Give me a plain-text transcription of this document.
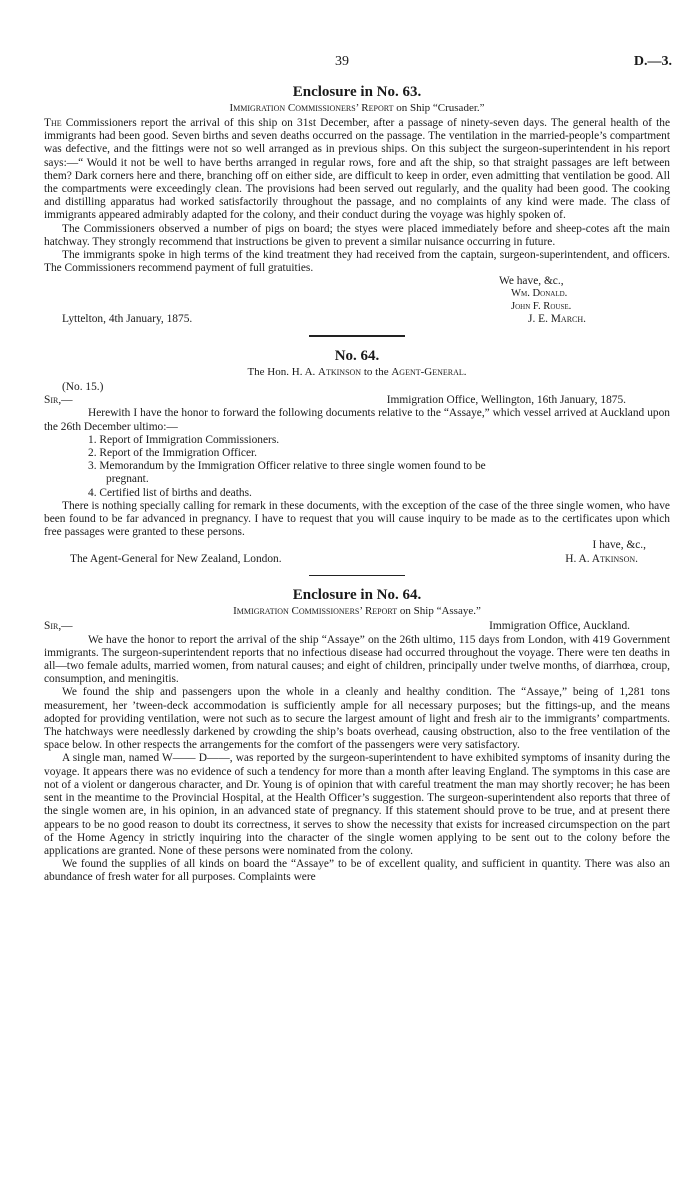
39	D.—3.
Enclosure in No. 63.
Immigration Commissioners’ Report on Ship “Crusader.”

The Commissioners report the arrival of this ship on 31st December, after a passage of ninety-seven days. The general health of the immigrants had been good. Seven births and seven deaths occurred on the passage. The ventilation in the married-people’s compartment was defective, and the fittings were not so well arranged as in previous ships. On this subject the surgeon-superintendent in his report says:—“ Would it not be well to have berths arranged in regular rows, fore and aft the ship, so that straight passages are left between them? Dark corners here and there, branching off on either side, are difficult to keep in order, even admitting that ventilation be good. All the compartments were exceedingly clean. The provisions had been served out regularly, and the quality had been good. The cooking and distilling apparatus had worked satisfactorily throughout the passage, and no complaints of any kind were made. The class of immigrants appeared admirably adapted for the colony, and their conduct during the voyage was highly spoken of.

The Commissioners observed a number of pigs on board; the styes were placed immediately before and sheep-cotes aft the main hatchway. They strongly recommend that instructions be given to prevent a similar nuisance occurring in future.

The immigrants spoke in high terms of the kind treatment they had received from the captain, surgeon-superintendent, and officers. The Commissioners recommend payment of full gratuities.

We have, &c.,
Wm. Donald.
John F. Rouse.
Lyttelton, 4th January, 1875.	J. E. March.
No. 64.
The Hon. H. A. Atkinson to the Agent-General.
(No. 15.)
Sir,—	Immigration Office, Wellington, 16th January, 1875.

Herewith I have the honor to forward the following documents relative to the “Assaye,” which vessel arrived at Auckland upon the 26th December ultimo:—

1. Report of Immigration Commissioners.
2. Report of the Immigration Officer.
3. Memorandum by the Immigration Officer relative to three single women found to be
pregnant.
4. Certified list of births and deaths.

There is nothing specially calling for remark in these documents, with the exception of the case of the three single women, who have been found to be far advanced in pregnancy. I have to request that you will cause inquiry to be made as to the certificates upon which free passages were granted to these persons.

I have, &c.,
The Agent-General for New Zealand, London.	H. A. Atkinson.
Enclosure in No. 64.
Immigration Commissioners’ Report on Ship “Assaye.”
Sir,—	Immigration Office, Auckland.

We have the honor to report the arrival of the ship “Assaye” on the 26th ultimo, 115 days from London, with 419 Government immigrants. The surgeon-superintendent reports that no infectious disease had occurred throughout the voyage. There were ten deaths in all—two female adults, married women, from natural causes; and eight of children, principally under twelve months, of diarrhœa, croup, consumption, and meningitis.

We found the ship and passengers upon the whole in a cleanly and healthy condition. The “Assaye,” being of 1,281 tons measurement, her ’tween-deck accommodation is sufficiently ample for all necessary purposes; but the fittings-up, and the means adopted for providing ventilation, were not such as to secure the largest amount of light and fresh air to the immigrants’ compartments. The hatchways were needlessly darkened by crowding the ship’s boats overhead, causing obstruction, also to the free ventilation of the space below. In other respects the arrangements for the comfort of the passengers were very satisfactory.

A single man, named W—— D——, was reported by the surgeon-superintendent to have exhibited symptoms of insanity during the voyage. It appears there was no evidence of such a tendency for more than a month after leaving England. The symptoms in this case are not of a violent or dangerous character, and Dr. Young is of opinion that with careful treatment the man may shortly recover; he has been sent in the meantime to the Provincial Hospital, at the Health Officer’s suggestion. The surgeon-superintendent also reports that three of the single women are, in his opinion, in an advanced state of pregnancy. If this statement should prove to be true, and at present there appears to be no good reason to doubt its correctness, it serves to show the necessity that exists for increased circumspection on the part of the Home Agency in strictly inquiring into the character of the single women applying to be sent out to the colony before the applications are granted. None of these persons were nominated from the colony.

We found the supplies of all kinds on board the “Assaye” to be of excellent quality, and sufficient in quantity. There was also an abundance of fresh water for all purposes. Complaints were
